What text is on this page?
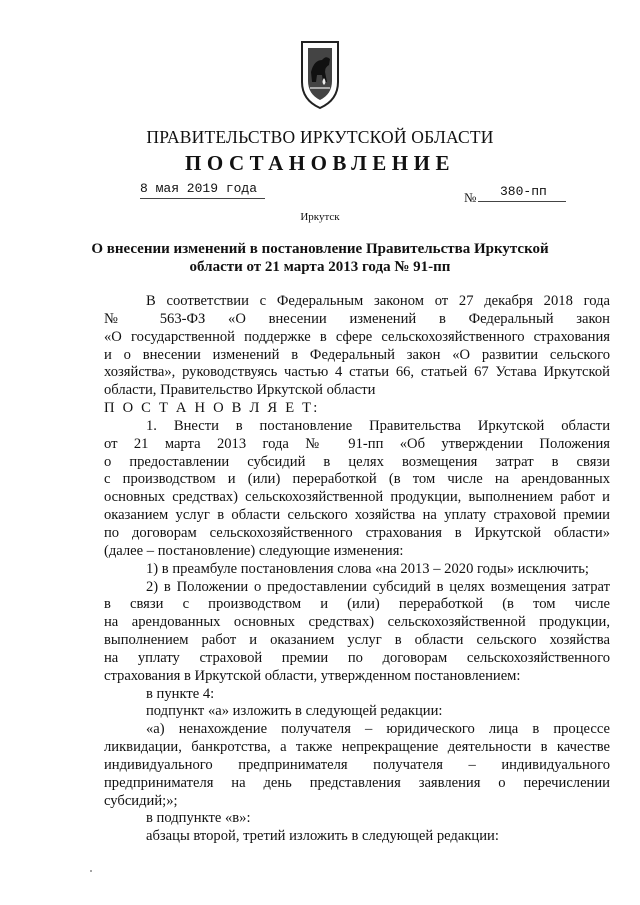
ПРАВИТЕЛЬСТВО ИРКУТСКОЙ ОБЛАСТИ
ПОСТАНОВЛЕНИЕ
8 мая 2019 года
№ 380-пп
Иркутск
О внесении изменений в постановление Правительства Иркутской
области от 21 марта 2013 года № 91-пп

В соответствии с Федеральным законом от 27 декабря 2018 года

№ 563-ФЗ «О внесении изменений в Федеральный закон

«О государственной поддержке в сфере сельскохозяйственного страхования

и о внесении изменений в Федеральный закон «О развитии сельского

хозяйства», руководствуясь частью 4 статьи 66, статьей 67 Устава Иркутской

области, Правительство Иркутской области

П О С Т А Н О В Л Я Е Т:

1. Внести в постановление Правительства Иркутской области

от 21 марта 2013 года № 91-пп «Об утверждении Положения

о предоставлении субсидий в целях возмещения затрат в связи

с производством и (или) переработкой (в том числе на арендованных

основных средствах) сельскохозяйственной продукции, выполнением работ и

оказанием услуг в области сельского хозяйства на уплату страховой премии

по договорам сельскохозяйственного страхования в Иркутской области»

(далее – постановление) следующие изменения:

1) в преамбуле постановления слова «на 2013 – 2020 годы» исключить;

2) в Положении о предоставлении субсидий в целях возмещения затрат

в связи с производством и (или) переработкой (в том числе

на арендованных основных средствах) сельскохозяйственной продукции,

выполнением работ и оказанием услуг в области сельского хозяйства

на уплату страховой премии по договорам сельскохозяйственного

страхования в Иркутской области, утвержденном постановлением:

в пункте 4:

подпункт «а» изложить в следующей редакции:

«а) ненахождение получателя – юридического лица в процессе

ликвидации, банкротства, а также непрекращение деятельности в качестве

индивидуального предпринимателя получателя – индивидуального

предпринимателя на день представления заявления о перечислении

субсидий;»;

в подпункте «в»:

абзацы второй, третий изложить в следующей редакции:
